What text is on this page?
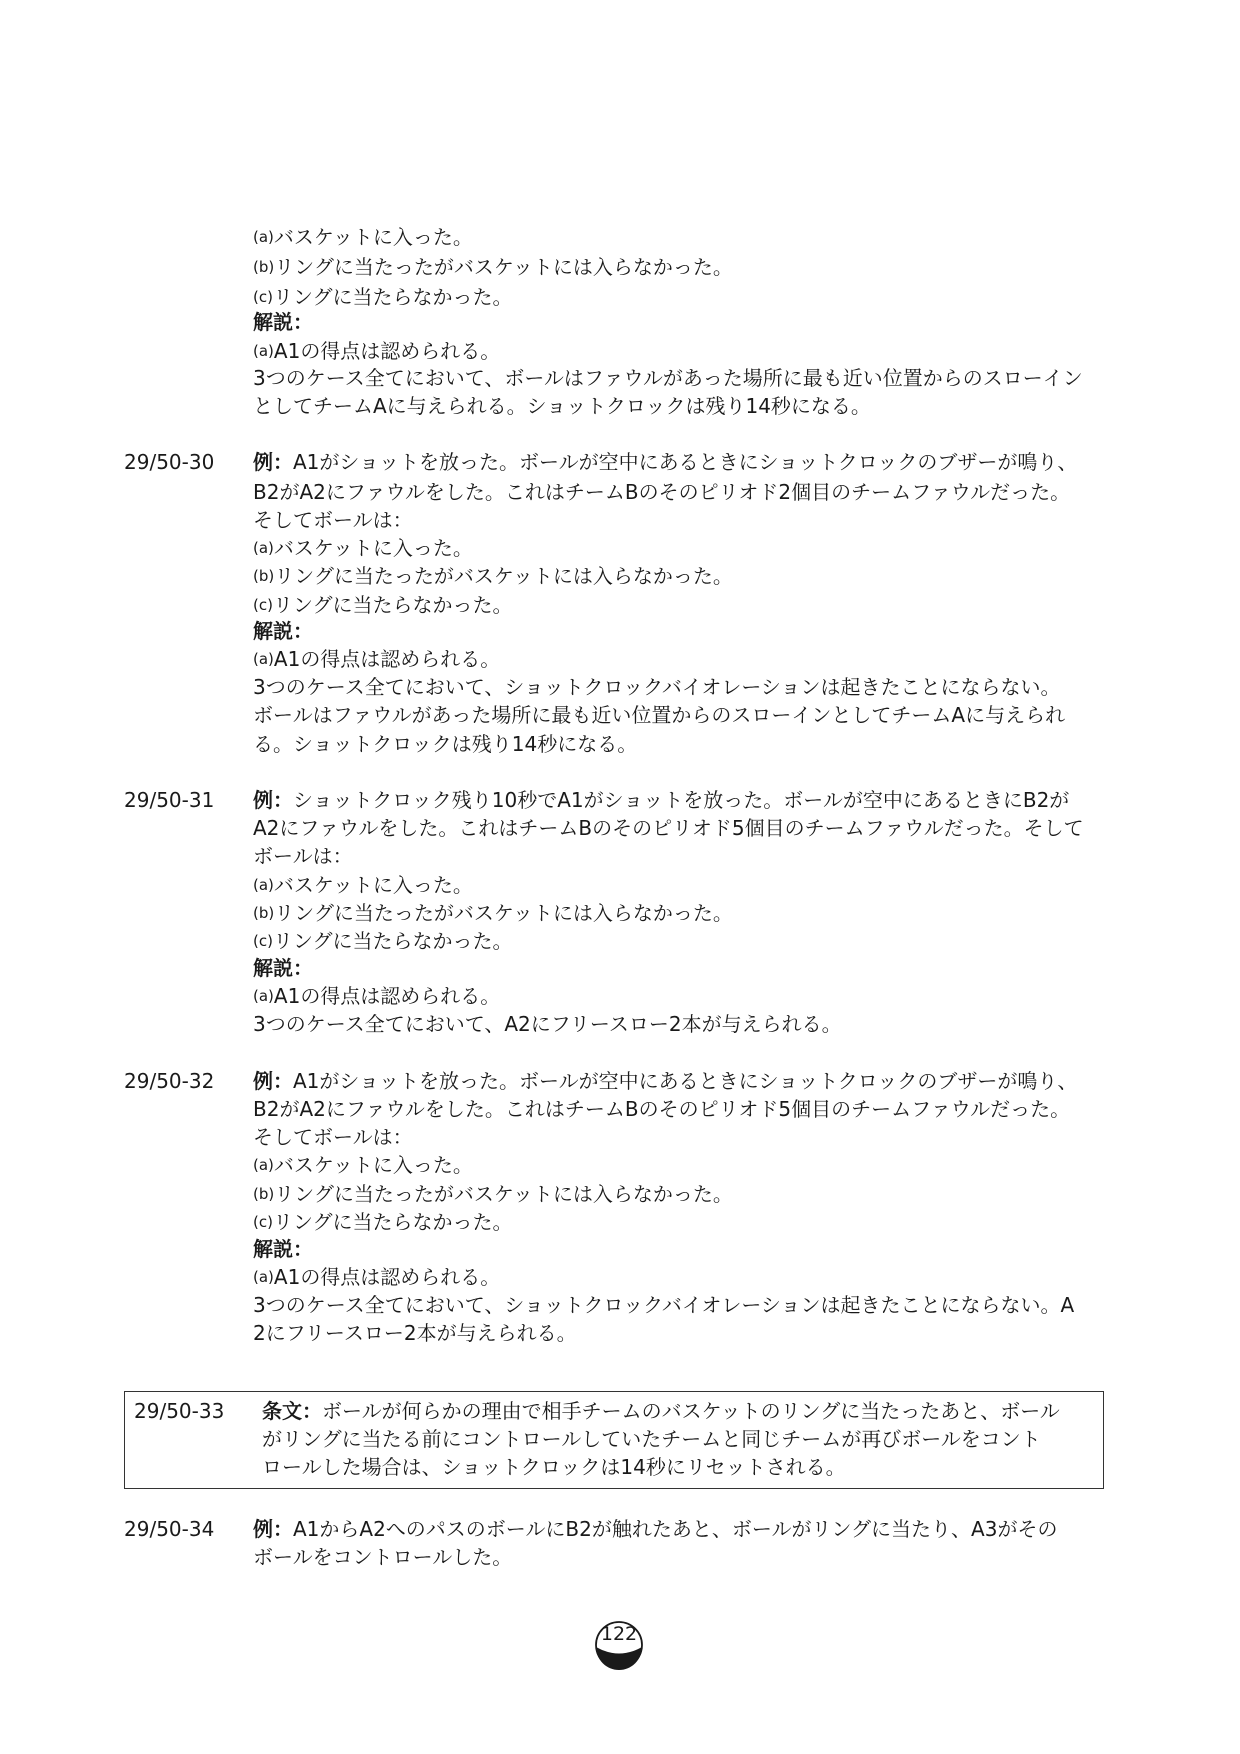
(a)バスケットに入った。
(b)リングに当たったがバスケットには入らなかった。
(c)リングに当たらなかった。
解説：
(a)A1の得点は認められる。
3つのケース全てにおいて、ボールはファウルがあった場所に最も近い位置からのスローイン
としてチームAに与えられる。ショットクロックは残り14秒になる。
29/50-30 例：A1がショットを放った。ボールが空中にあるときにショットクロックのブザーが鳴り、
B2がA2にファウルをした。これはチームBのそのピリオド2個目のチームファウルだった。
そしてボールは：
(a)バスケットに入った。
(b)リングに当たったがバスケットには入らなかった。
(c)リングに当たらなかった。
解説：
(a)A1の得点は認められる。
3つのケース全てにおいて、ショットクロックバイオレーションは起きたことにならない。
ボールはファウルがあった場所に最も近い位置からのスローインとしてチームAに与えられ
る。ショットクロックは残り14秒になる。
29/50-31 例：ショットクロック残り10秒でA1がショットを放った。ボールが空中にあるときにB2が
A2にファウルをした。これはチームBのそのピリオド5個目のチームファウルだった。そして
ボールは：
(a)バスケットに入った。
(b)リングに当たったがバスケットには入らなかった。
(c)リングに当たらなかった。
解説：
(a)A1の得点は認められる。
3つのケース全てにおいて、A2にフリースロー2本が与えられる。
29/50-32 例：A1がショットを放った。ボールが空中にあるときにショットクロックのブザーが鳴り、
B2がA2にファウルをした。これはチームBのそのピリオド5個目のチームファウルだった。
そしてボールは：
(a)バスケットに入った。
(b)リングに当たったがバスケットには入らなかった。
(c)リングに当たらなかった。
解説：
(a)A1の得点は認められる。
3つのケース全てにおいて、ショットクロックバイオレーションは起きたことにならない。A
2にフリースロー2本が与えられる。
29/50-33 条文：ボールが何らかの理由で相手チームのバスケットのリングに当たったあと、ボール
がリングに当たる前にコントロールしていたチームと同じチームが再びボールをコント
ロールした場合は、ショットクロックは14秒にリセットされる。
29/50-34 例：A1からA2へのパスのボールにB2が触れたあと、ボールがリングに当たり、A3がその
ボールをコントロールした。
122
